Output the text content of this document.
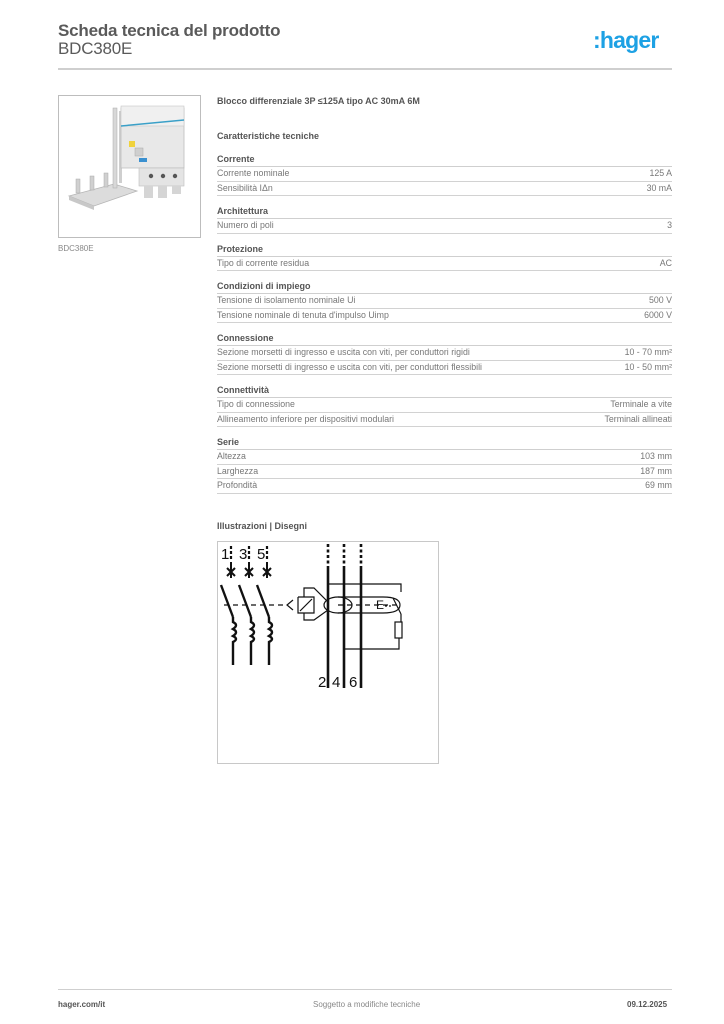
Scheda tecnica del prodotto
BDC380E	:hager
BDC380E
Blocco differenziale 3P ≤125A tipo AC 30mA 6M
Caratteristiche tecniche
Corrente
Corrente nominale	125 A
Sensibilità IΔn	30 mA
Architettura
Numero di poli	3
Protezione
Tipo di corrente residua	AC
Condizioni di impiego
Tensione di isolamento nominale Ui	500 V
Tensione nominale di tenuta d'impulso Uimp	6000 V
Connessione
Sezione morsetti di ingresso e uscita con viti, per conduttori rigidi	10 - 70 mm²
Sezione morsetti di ingresso e uscita con viti, per conduttori flessibili	10 - 50 mm²
Connettività
Tipo di connessione	Terminale a vite
Allineamento inferiore per dispositivi modulari	Terminali allineati
Serie
Altezza	103 mm
Larghezza	187 mm
Profondità	69 mm
Illustrazioni | Disegni
1 3 5
E
2 4 6
hager.com/it	Soggetto a modifiche tecniche	09.12.2025
